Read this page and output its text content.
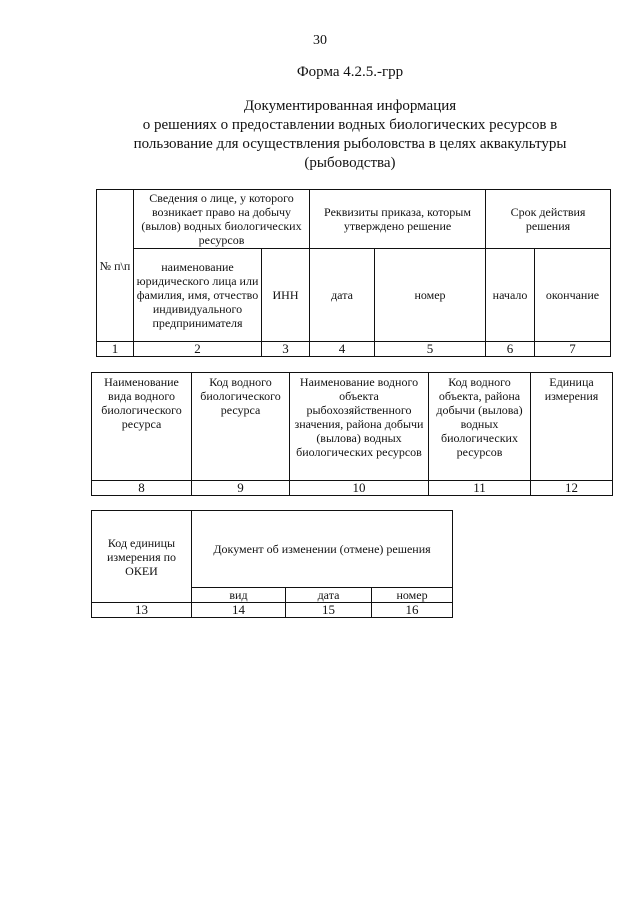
30
Форма 4.2.5.-грр
Документированная информация
о решениях о предоставлении водных биологических ресурсов в
пользование для осуществления рыболовства в целях аквакультуры
(рыбоводства)
№ п\п	Сведения о лице, у которого возникает право на добычу (вылов) водных биологических ресурсов		Реквизиты приказа, которым утверждено решение		Срок действия решения	
	наименование юридического лица или фамилия, имя, отчество индивидуального предпринимателя	ИНН	дата	номер	начало	окончание
1	2	3	4	5	6	7
Наименование вида водного биологического ресурса	Код водного биологического ресурса	Наименование водного объекта рыбохозяйственного значения, района добычи (вылова) водных биологических ресурсов	Код водного объекта, района добычи (вылова) водных биологических ресурсов	Единица измерения
8	9	10	11	12
Код единицы измерения по ОКЕИ	Документ об изменении (отмене) решения		
	вид	дата	номер
13	14	15	16
